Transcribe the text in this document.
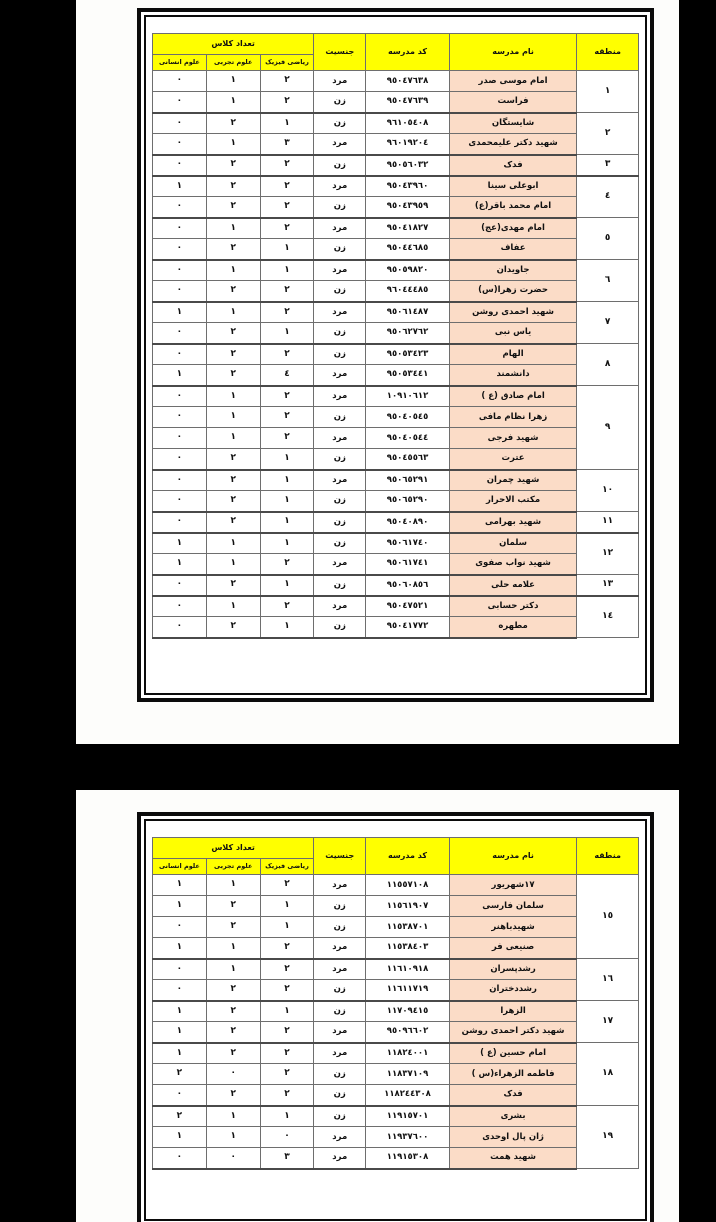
منطقه	نام مدرسه	کد مدرسه	جنسیت	تعداد کلاس		
				ریاضی فیزیک	علوم تجربی	علوم انسانی
١	امام موسی صدر	٩٥٠٤٧٦٣٨	مرد	٢	١	٠
	فراست	٩٥٠٤٧٦٣٩	زن	٢	١	٠
٢	شایستگان	٩٦١٠٥٤٠٨	زن	١	٢	٠
	شهید دکتر علیمحمدی	٩٦٠١٩٢٠٤	مرد	٣	١	٠
٣	فدک	٩٥٠٥٦٠٣٢	زن	٢	٢	٠
٤	ابوعلی سینا	٩٥٠٤٣٩٦٠	مرد	٢	٢	١
	امام محمد باقر(ع)	٩٥٠٤٣٩٥٩	زن	٢	٢	٠
٥	امام مهدی(عج)	٩٥٠٤١٨٢٧	مرد	٢	١	٠
	عفاف	٩٥٠٤٤٦٨٥	زن	١	٢	٠
٦	جاویدان	٩٥٠٥٩٨٢٠	مرد	١	١	٠
	حضرت زهرا(س)	٩٦٠٤٤٤٨٥	زن	٢	٢	٠
٧	شهید احمدی روشن	٩٥٠٦١٤٨٧	مرد	٢	١	١
	یاس نبی	٩٥٠٦٢٧٦٢	زن	١	٢	٠
٨	الهام	٩٥٠٥٣٤٢٣	زن	٢	٢	٠
	دانشمند	٩٥٠٥٣٤٤١	مرد	٤	٢	١
٩	امام صادق (ع )	١٠٩١٠٦١٢	مرد	٢	١	٠
	زهرا نظام مافی	٩٥٠٤٠٥٤٥	زن	٢	١	٠
	شهید فرجی	٩٥٠٤٠٥٤٤	مرد	٢	١	٠
	عترت	٩٥٠٤٥٥٦٣	زن	١	٢	٠
١٠	شهید چمران	٩٥٠٦٥٢٩١	مرد	١	٢	٠
	مکتب الاحرار	٩٥٠٦٥٢٩٠	زن	١	٢	٠
١١	شهید بهرامی	٩٥٠٤٠٨٩٠	زن	١	٢	٠
١٢	سلمان	٩٥٠٦١٧٤٠	زن	١	١	١
	شهید نواب صفوی	٩٥٠٦١٧٤١	مرد	٢	١	١
١٣	علامه حلی	٩٥٠٦٠٨٥٦	زن	١	٢	٠
١٤	دکتر حسابی	٩٥٠٤٧٥٢١	مرد	٢	١	٠
	مطهره	٩٥٠٤١٧٧٢	زن	١	٢	٠
منطقه	نام مدرسه	کد مدرسه	جنسیت	تعداد کلاس		
				ریاضی فیزیک	علوم تجربی	علوم انسانی
١٥	١٧شهریور	١١٥٥٧١٠٨	مرد	٢	١	١
	سلمان فارسی	١١٥٦١٩٠٧	زن	١	٢	١
	شهیدباهنر	١١٥٣٨٧٠١	زن	١	٢	٠
	صنیعی فر	١١٥٣٨٤٠٣	مرد	٢	١	١
١٦	رشدپسران	١١٦١٠٩١٨	مرد	٢	١	٠
	رشددختران	١١٦١١٧١٩	زن	٢	٢	٠
١٧	الزهرا	١١٧٠٩٤١٥	زن	١	٢	١
	شهید دکتر احمدی روشن	٩٥٠٩٦٦٠٢	مرد	٢	٢	١
١٨	امام حسین (ع )	١١٨٢٤٠٠١	مرد	٢	٢	١
	فاطمه الزهراء(س )	١١٨٣٧١٠٩	زن	٢	٠	٢
	فدک	١١٨٢٤٤٣٠٨	زن	٢	٢	٠
١٩	بشری	١١٩١٥٧٠١	زن	١	١	٢
	ژان پال اوحدی	١١٩٣٧٦٠٠	مرد	٠	١	١
	شهید همت	١١٩١٥٣٠٨	مرد	٣	٠	٠
